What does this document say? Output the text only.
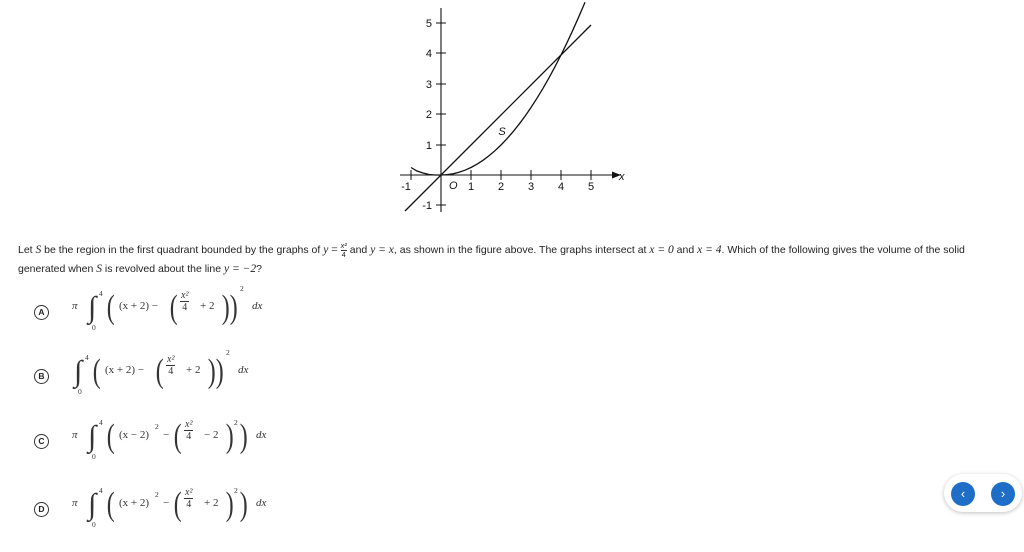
-1	1 2 3 4 5
5
4
3
2
1
-1
O
x
S
Let S be the region in the first quadrant bounded by the graphs of $y = \frac{\text{x²}}{4}$ and y = x, as shown in the figure above. The graphs intersect at x = 0 and x = 4. Which of the following gives the volume of the solid generated when S is revolved about the line y = −2?
A	π ∫ 4
0
( (x + 2) − ( $\frac{\text{x²}}{4} + 2$ ) )
2
dx
B ∫ 4
0
( (x + 2) − ( $\frac{\text{x²}}{4} + 2$ ) )
2
dx
C	π ∫ 4
0
( (x − 2)
2
− ( $\frac{\text{x²}}{4} - 2$ ) 2 ) dx
D	π ∫ 4
0
( (x + 2)
2
− ( $\frac{\text{x²}}{4} + 2$ ) 2 ) dx
‹	›
